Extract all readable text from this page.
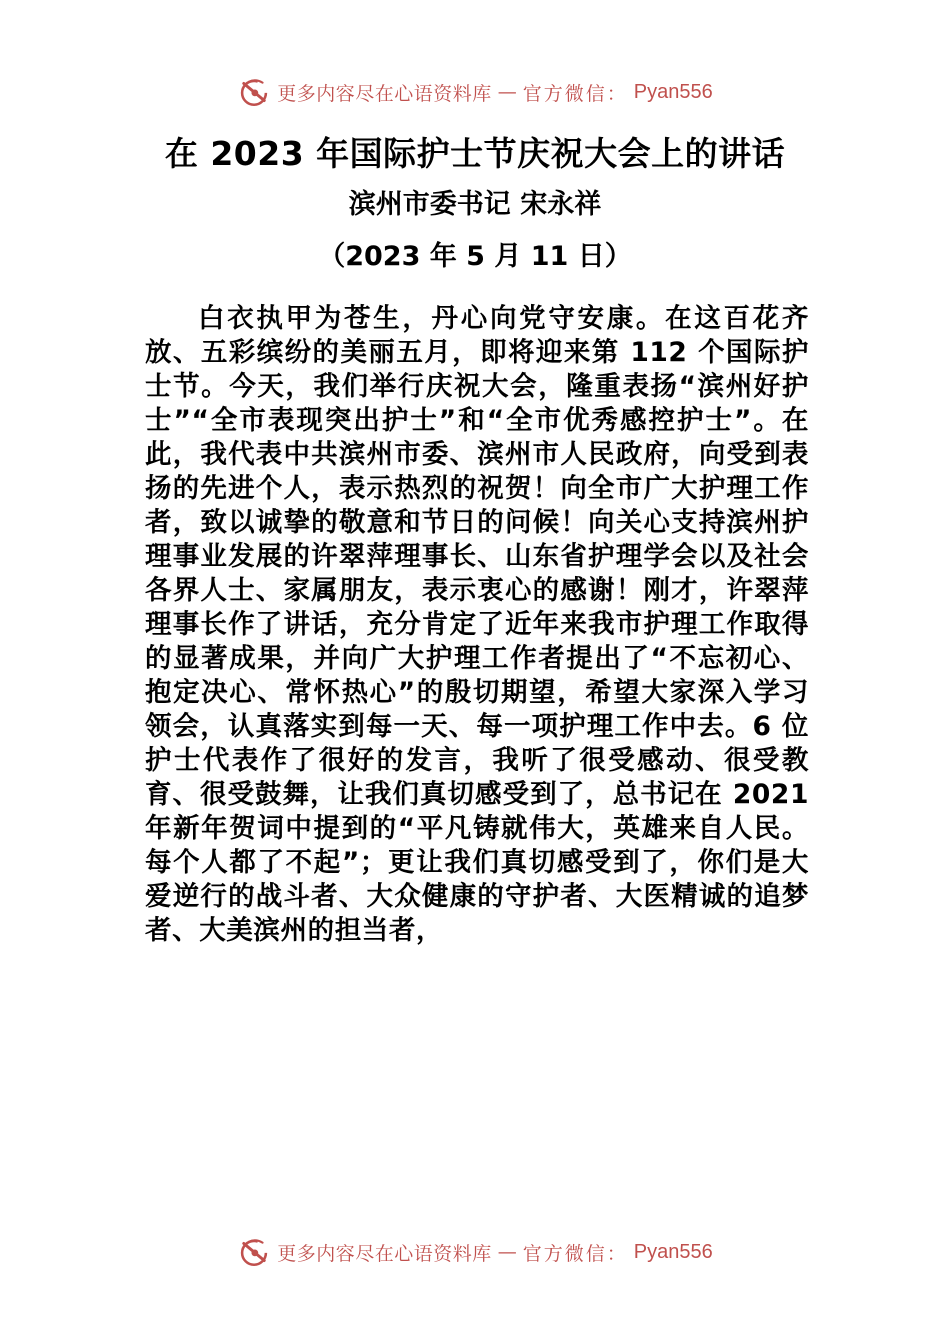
更多内容尽在心语资料库 — 官方微信： Pyan556
在 2023 年国际护士节庆祝大会上的讲话
滨州市委书记 宋永祥
（2023 年 5 月 11 日）

白衣执甲为苍生，丹心向党守安康。在这百花齐放、五彩缤纷的美丽五月，即将迎来第 112 个国际护士节。今天，我们举行庆祝大会，隆重表扬“滨州好护士”“全市表现突出护士”和“全市优秀感控护士”。在此，我代表中共滨州市委、滨州市人民政府，向受到表扬的先进个人，表示热烈的祝贺！向全市广大护理工作者，致以诚挚的敬意和节日的问候！向关心支持滨州护理事业发展的许翠萍理事长、山东省护理学会以及社会各界人士、家属朋友，表示衷心的感谢！刚才，许翠萍理事长作了讲话，充分肯定了近年来我市护理工作取得的显著成果，并向广大护理工作者提出了“不忘初心、抱定决心、常怀热心”的殷切期望，希望大家深入学习领会，认真落实到每一天、每一项护理工作中去。6 位护士代表作了很好的发言，我听了很受感动、很受教育、很受鼓舞，让我们真切感受到了，总书记在 2021 年新年贺词中提到的“平凡铸就伟大，英雄来自人民。每个人都了不起”；更让我们真切感受到了，你们是大爱逆行的战斗者、大众健康的守护者、大医精诚的追梦者、大美滨州的担当者，

更多内容尽在心语资料库 — 官方微信： Pyan556
